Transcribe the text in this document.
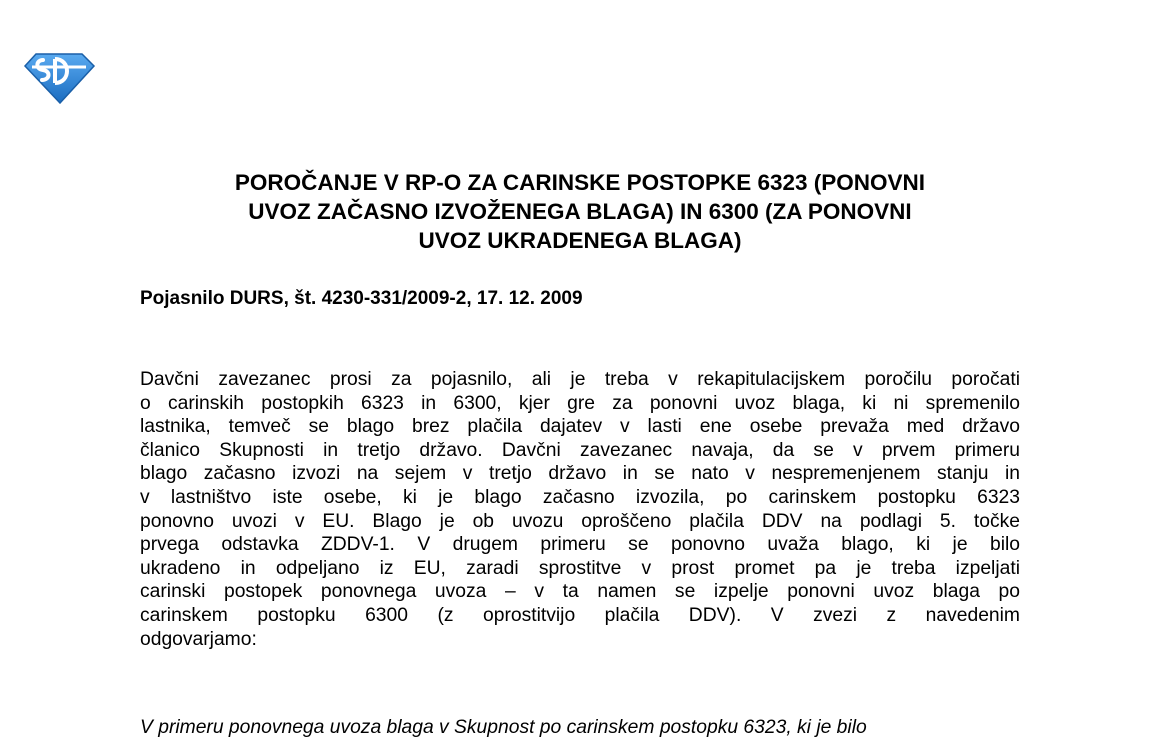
POROČANJE V RP-O ZA CARINSKE POSTOPKE 6323 (PONOVNI
UVOZ ZAČASNO IZVOŽENEGA BLAGA) IN 6300 (ZA PONOVNI
UVOZ UKRADENEGA BLAGA)
Pojasnilo DURS, št. 4230-331/2009-2, 17. 12. 2009
Davčni zavezanec prosi za pojasnilo, ali je treba v rekapitulacijskem poročilu poročati
o carinskih postopkih 6323 in 6300, kjer gre za ponovni uvoz blaga, ki ni spremenilo
lastnika, temveč se blago brez plačila dajatev v lasti ene osebe prevaža med državo
članico Skupnosti in tretjo državo. Davčni zavezanec navaja, da se v prvem primeru
blago začasno izvozi na sejem v tretjo državo in se nato v nespremenjenem stanju in
v lastništvo iste osebe, ki je blago začasno izvozila, po carinskem postopku 6323
ponovno uvozi v EU. Blago je ob uvozu oproščeno plačila DDV na podlagi 5. točke
prvega odstavka ZDDV-1. V drugem primeru se ponovno uvaža blago, ki je bilo
ukradeno in odpeljano iz EU, zaradi sprostitve v prost promet pa je treba izpeljati
carinski postopek ponovnega uvoza – v ta namen se izpelje ponovni uvoz blaga po
carinskem postopku 6300 (z oprostitvijo plačila DDV). V zvezi z navedenim
odgovarjamo:
V primeru ponovnega uvoza blaga v Skupnost po carinskem postopku 6323, ki je bilo
